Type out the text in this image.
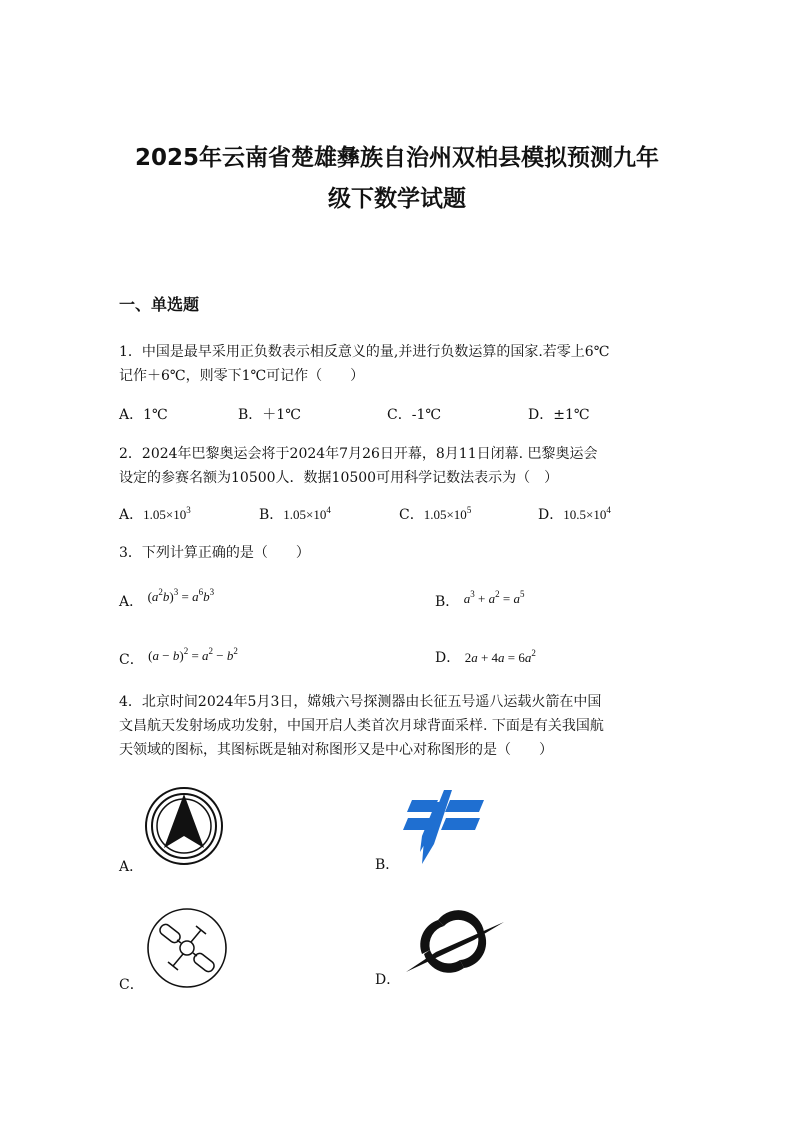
2025年云南省楚雄彝族自治州双柏县模拟预测九年
级下数学试题
一、单选题
1．中国是最早采用正负数表示相反意义的量,并进行负数运算的国家.若零上6℃
记作＋6℃，则零下1℃可记作（　　）
A．1℃	B．＋1℃	C．-1℃	D．±1℃
2．2024年巴黎奥运会将于2024年7月26日开幕，8月11日闭幕. 巴黎奥运会
设定的参赛名额为10500人．数据10500可用科学记数法表示为（　）
A．$1.05\times 10^3$	B．$1.05\times 10^4$	C．$1.05\times 10^5$	D．$10.5\times 10^4$
3．下列计算正确的是（　　）
A． $(a^2b)^3 = a^6b^3$
B． $a^3 + a^2 = a^5$
C． $(a - b)^2 = a^2 - b^2$	D． $2a + 4a = 6a^2$
4．北京时间2024年5月3日，嫦娥六号探测器由长征五号遥八运载火箭在中国
文昌航天发射场成功发射，中国开启人类首次月球背面采样. 下面是有关我国航
天领域的图标，其图标既是轴对称图形又是中心对称图形的是（　　）
A．	B．
C．	D．
